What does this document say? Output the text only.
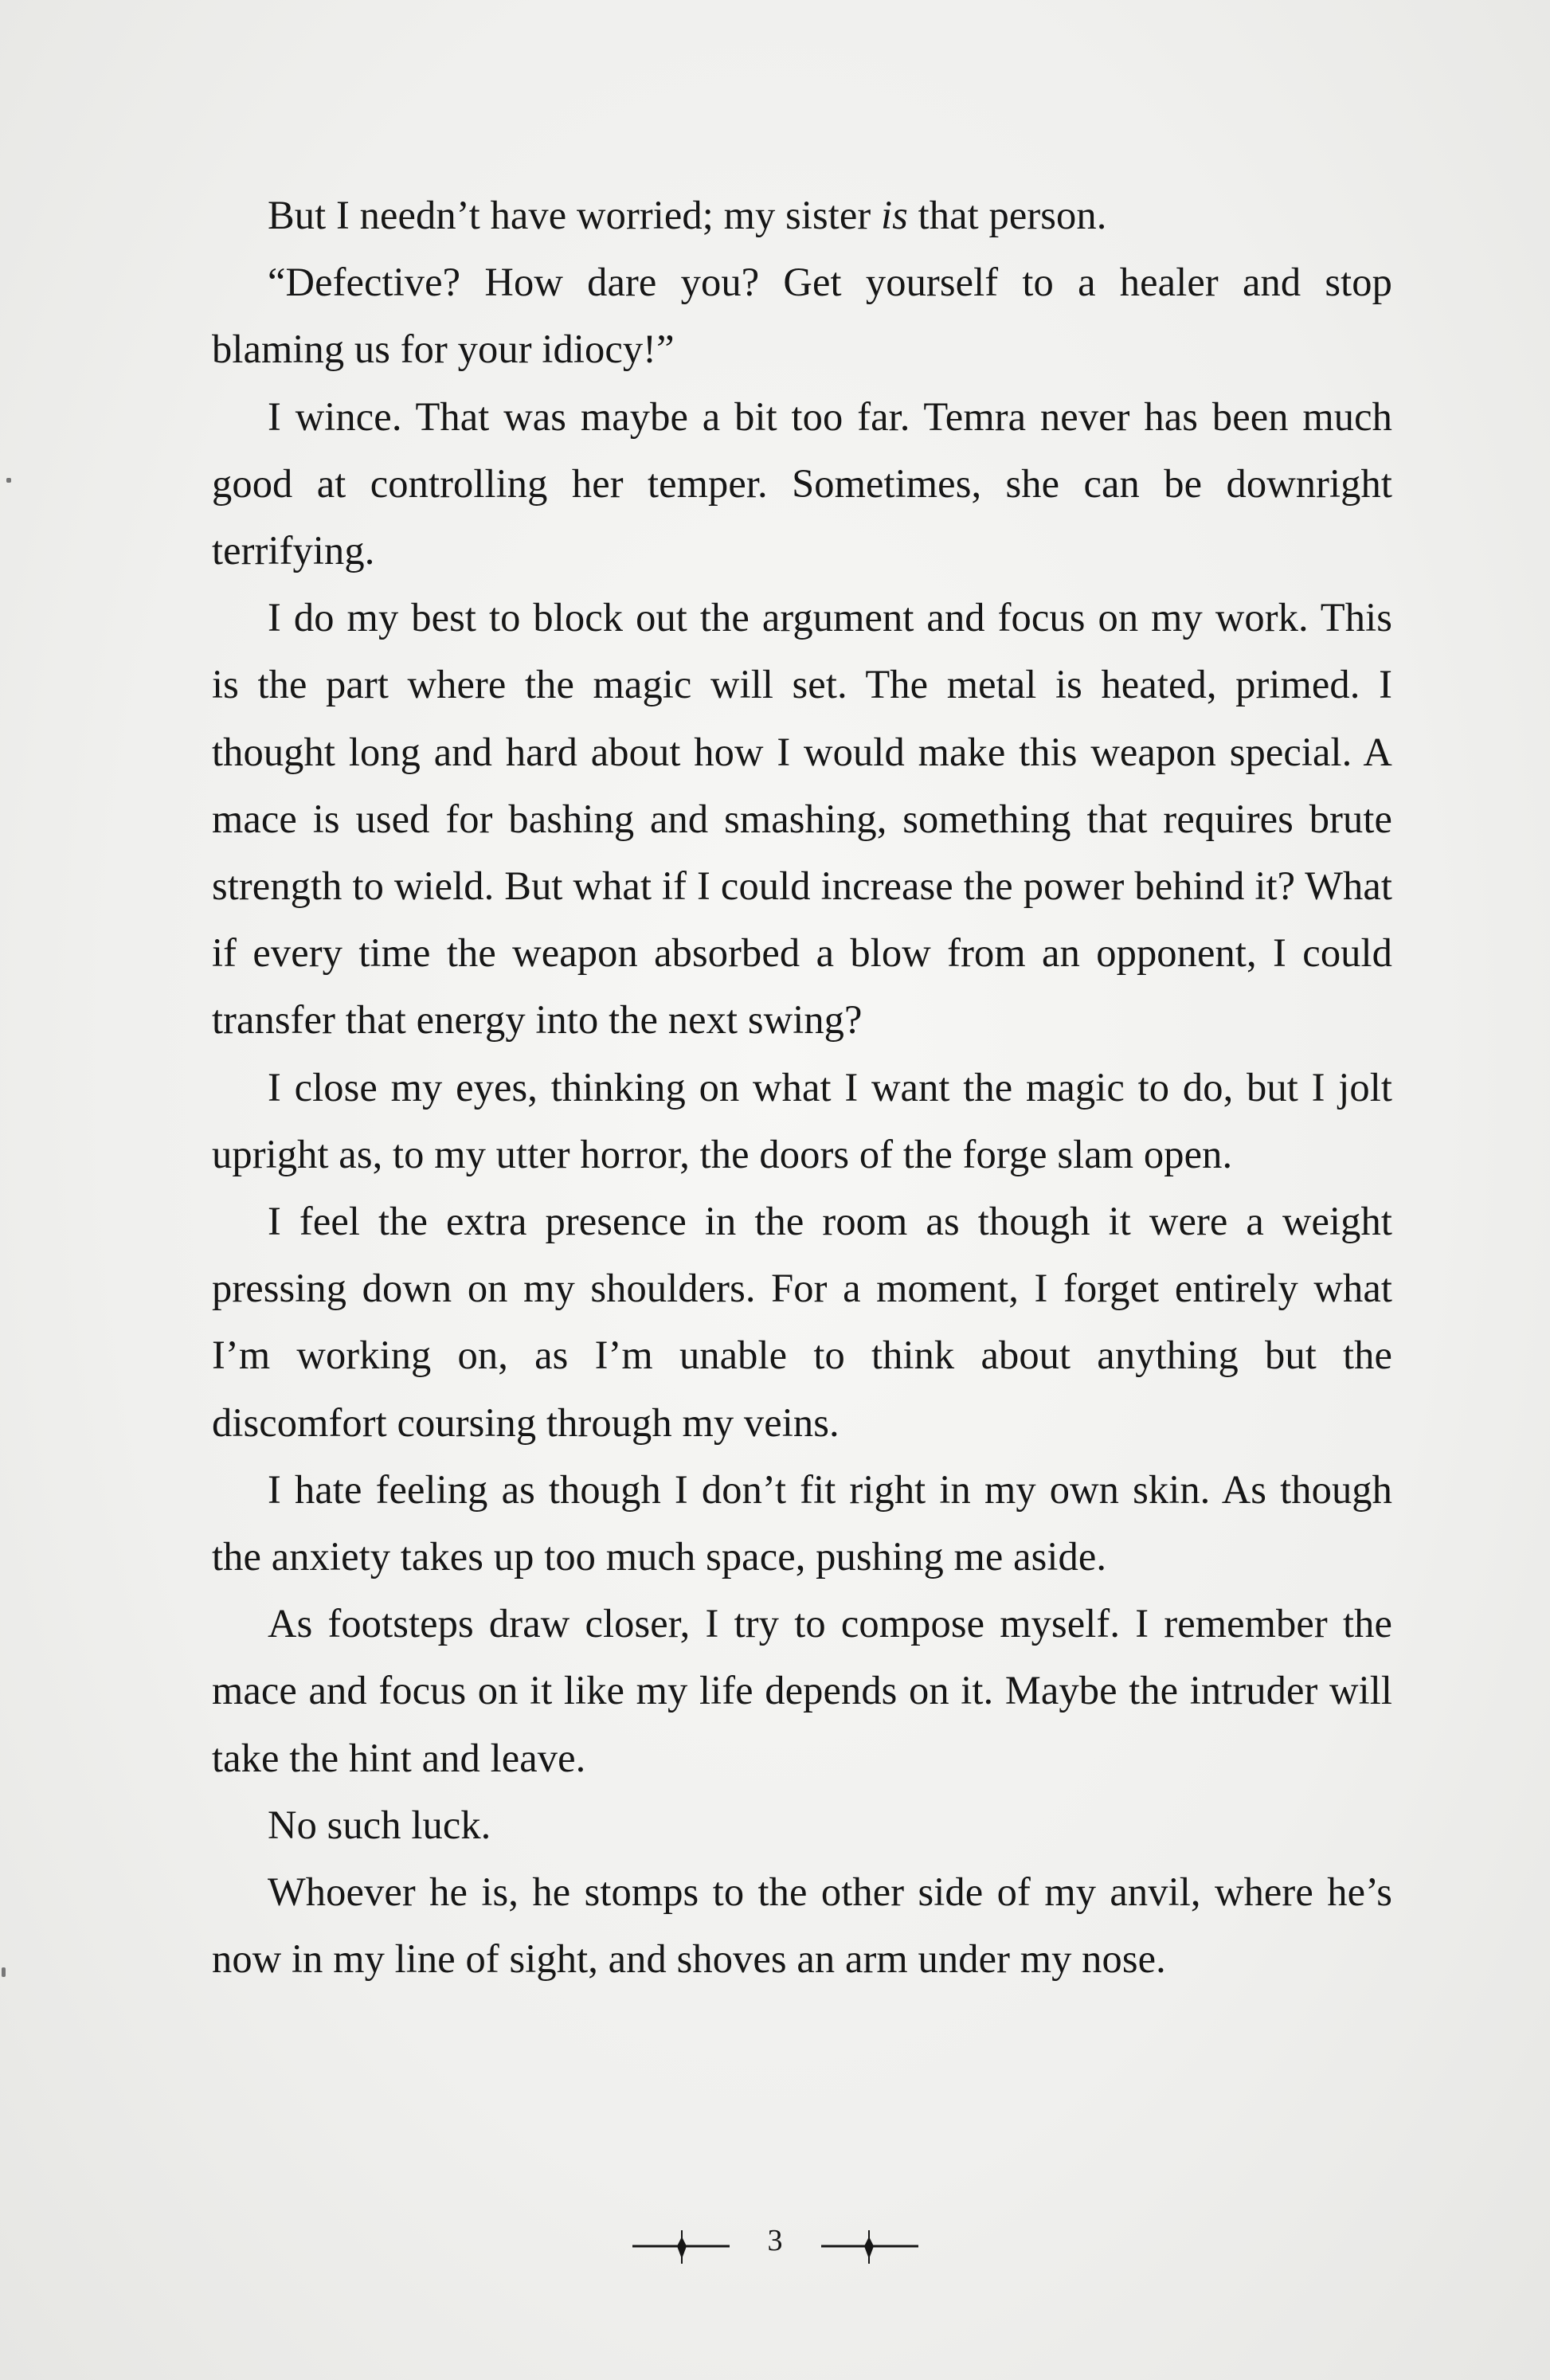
But I needn’t have worried; my sister is that person.

“Defective? How dare you? Get yourself to a healer and stop blaming us for your idiocy!”

I wince. That was maybe a bit too far. Temra never has been much good at controlling her temper. Sometimes, she can be downright terrifying.

I do my best to block out the argument and focus on my work. This is the part where the magic will set. The metal is heated, primed. I thought long and hard about how I would make this weapon special. A mace is used for bashing and smashing, something that requires brute strength to wield. But what if I could increase the power behind it? What if every time the weapon absorbed a blow from an opponent, I could transfer that energy into the next swing?

I close my eyes, thinking on what I want the magic to do, but I jolt upright as, to my utter horror, the doors of the forge slam open.

I feel the extra presence in the room as though it were a weight pressing down on my shoulders. For a moment, I forget entirely what I’m working on, as I’m unable to think about anything but the discomfort coursing through my veins.

I hate feeling as though I don’t fit right in my own skin. As though the anxiety takes up too much space, pushing me aside.

As footsteps draw closer, I try to compose myself. I remember the mace and focus on it like my life depends on it. Maybe the intruder will take the hint and leave.

No such luck.

Whoever he is, he stomps to the other side of my anvil, where he’s now in my line of sight, and shoves an arm under my nose.

3
